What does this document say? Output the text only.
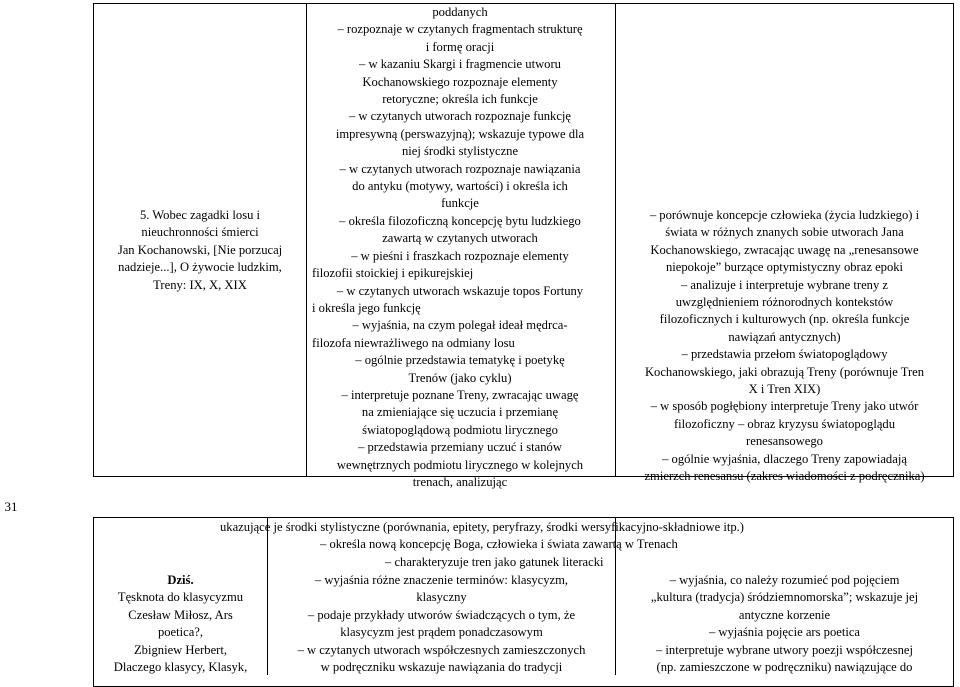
5. Wobec zagadki losu i
nieuchronności śmierci
Jan Kochanowski, [Nie porzucaj
nadzieje...], O żywocie ludzkim,
Treny: IX, X, XIX
poddanych
– rozpoznaje w czytanych fragmentach strukturę
i formę oracji
– w kazaniu Skargi i fragmencie utworu
Kochanowskiego rozpoznaje elementy
retoryczne; określa ich funkcje
– w czytanych utworach rozpoznaje funkcję
impresywną (perswazyjną); wskazuje typowe dla
niej środki stylistyczne
– w czytanych utworach rozpoznaje nawiązania
do antyku (motywy, wartości) i określa ich
funkcje
– określa filozoficzną koncepcję bytu ludzkiego
zawartą w czytanych utworach
– w pieśni i fraszkach rozpoznaje elementy
filozofii stoickiej i epikurejskiej
– w czytanych utworach wskazuje topos Fortuny
i określa jego funkcję
– wyjaśnia, na czym polegał ideał mędrca-
filozofa niewrażliwego na odmiany losu
– ogólnie przedstawia tematykę i poetykę
Trenów (jako cyklu)
– interpretuje poznane Treny, zwracając uwagę
na zmieniające się uczucia i przemianę
światopoglądową podmiotu lirycznego
– przedstawia przemiany uczuć i stanów
wewnętrznych podmiotu lirycznego w kolejnych
trenach, analizując
– porównuje koncepcje człowieka (życia ludzkiego) i
świata w różnych znanych sobie utworach Jana
Kochanowskiego, zwracając uwagę na „renesansowe
niepokoje” burzące optymistyczny obraz epoki
– analizuje i interpretuje wybrane treny z
uwzględnieniem różnorodnych kontekstów
filozoficznych i kulturowych (np. określa funkcje
nawiązań antycznych)
– przedstawia przełom światopoglądowy
Kochanowskiego, jaki obrazują Treny (porównuje Tren
X i Tren XIX)
– w sposób pogłębiony interpretuje Treny jako utwór
filozoficzny – obraz kryzysu światopoglądu
renesansowego
– ogólnie wyjaśnia, dlaczego Treny zapowiadają
zmierzch renesansu (zakres wiadomości z podręcznika)
31
ukazujące je środki stylistyczne (porównania, epitety, peryfrazy, środki wersyfikacyjno-składniowe itp.)
– określa nową koncepcję Boga, człowieka i świata zawartą w Trenach
– charakteryzuje tren jako gatunek literacki
Dziś.
Tęsknota do klasycyzmu
Czesław Miłosz, Ars
poetica?,
Zbigniew Herbert,
Dlaczego klasycy, Klasyk,
– wyjaśnia różne znaczenie terminów: klasycyzm,
klasyczny
– podaje przykłady utworów świadczących o tym, że
klasycyzm jest prądem ponadczasowym
– w czytanych utworach współczesnych zamieszczonych
w podręczniku wskazuje nawiązania do tradycji
– wyjaśnia, co należy rozumieć pod pojęciem
„kultura (tradycja) śródziemnomorska”; wskazuje jej
antyczne korzenie
– wyjaśnia pojęcie ars poetica
– interpretuje wybrane utwory poezji współczesnej
(np. zamieszczone w podręczniku) nawiązujące do
